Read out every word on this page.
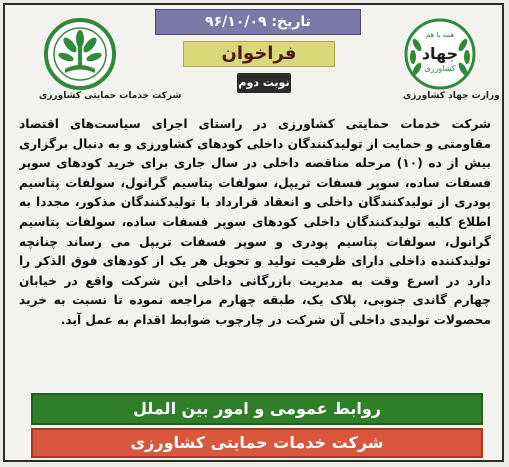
شرکت خدمات حمایتی کشاورزی
تاریخ: ۹۶/۱۰/۰۹
فراخوان
نوبت دوم
همه با هم
جهاد
کشاورزی
وزارت جهاد کشاورزی
شرکت خدمات حمایتی کشاورزی در راستای اجرای سیاست‌های اقتصاد مقاومتی و حمایت از تولیدکنندگان داخلی کودهای کشاورزی و به دنبال برگزاری بیش از ده (۱۰) مرحله مناقصه داخلی در سال جاری برای خرید کودهای سوپر فسفات ساده، سوپر فسفات تریپل، سولفات پتاسیم گرانول، سولفات پتاسیم پودری از تولیدکنندگان داخلی و انعقاد قرارداد با تولیدکنندگان مذکور، مجددا به اطلاع کلیه تولیدکنندگان داخلی کودهای سوپر فسفات ساده، سولفات پتاسیم گرانول، سولفات پتاسیم پودری و سوپر فسفات تریپل می رساند چنانچه تولیدکننده داخلی دارای ظرفیت تولید و تحویل هر یک از کودهای فوق الذکر را دارد در اسرع وقت به مدیریت بازرگانی داخلی این شرکت واقع در خیابان چهارم گاندی جنوبی، پلاک یک، طبقه چهارم مراجعه نموده تا نسبت به خرید محصولات تولیدی داخلی آن شرکت در چارچوب ضوابط اقدام به عمل آید.
روابط عمومی و امور بین الملل
شرکت خدمات حمایتی کشاورزی
